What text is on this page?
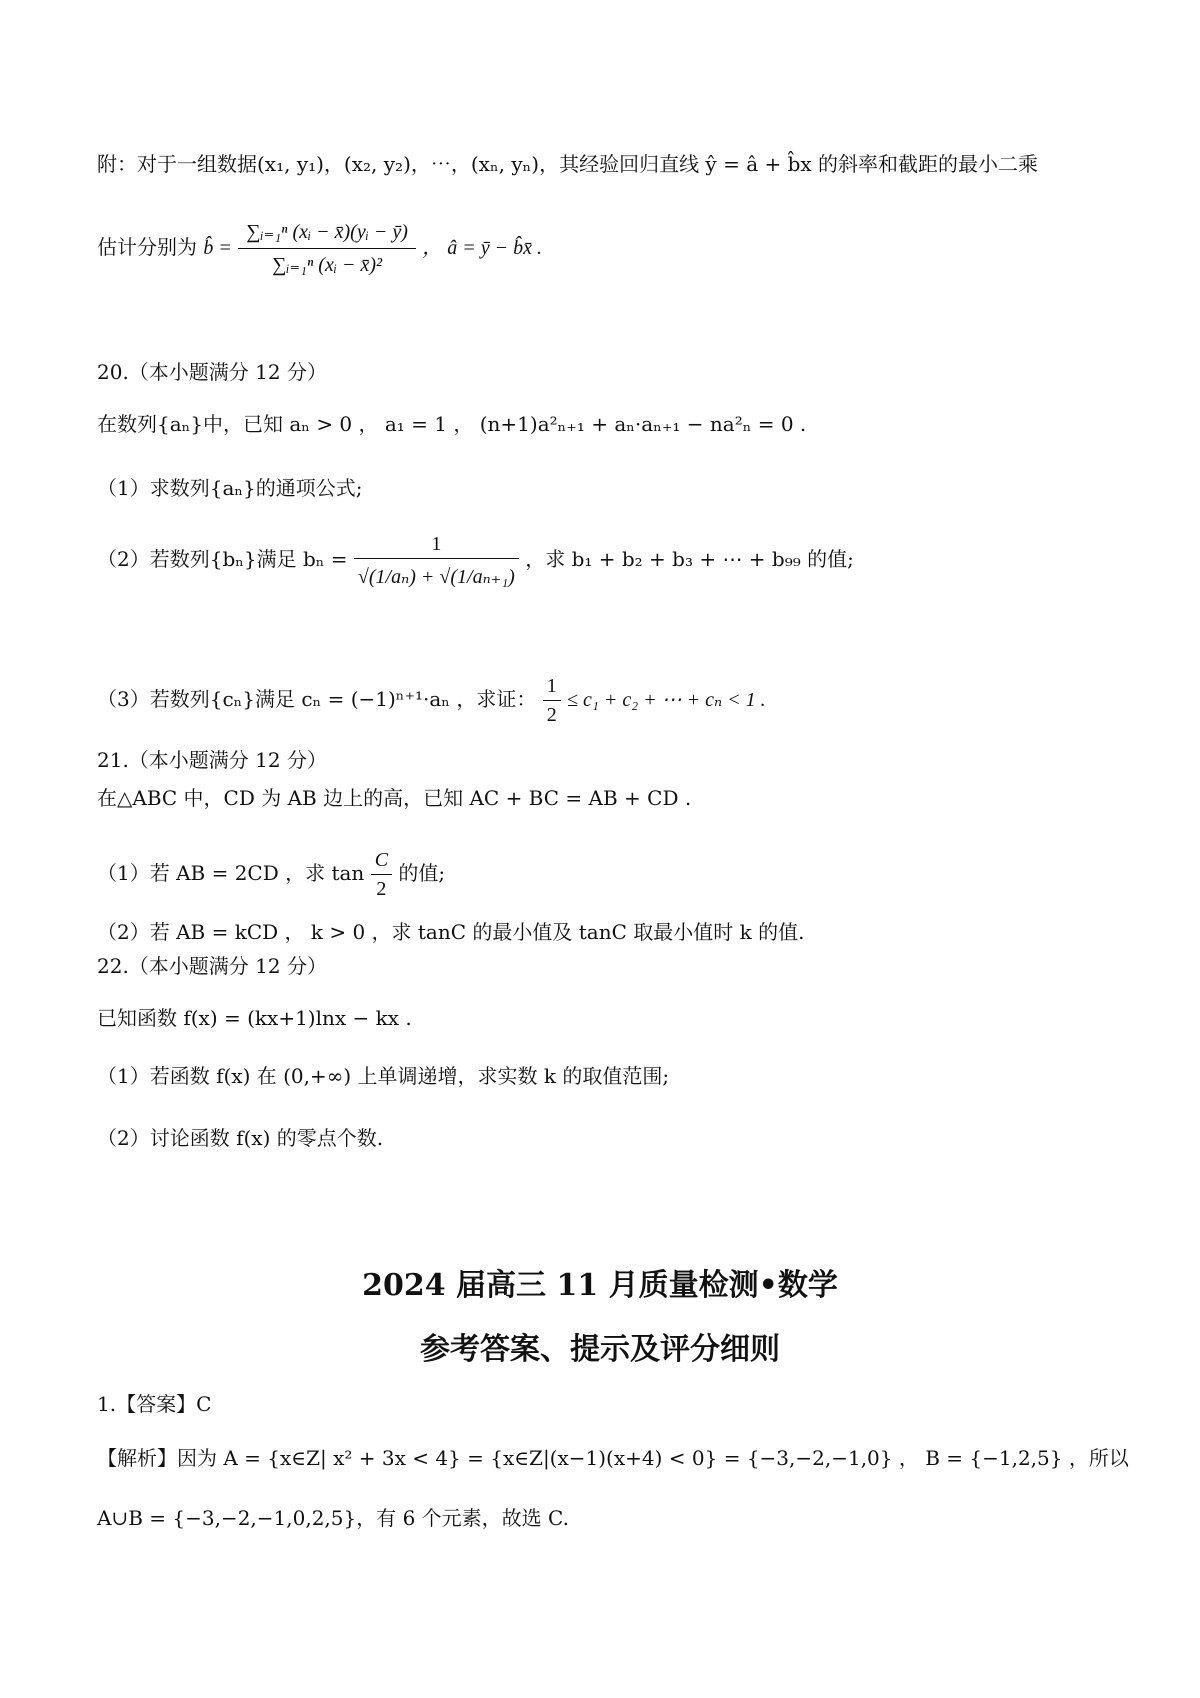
附：对于一组数据(x₁, y₁)，(x₂, y₂)，⋯，(xₙ, yₙ)，其经验回归直线 ŷ = â + b̂x 的斜率和截距的最小二乘
估计分别为 b̂ = $\frac{\text{∑ᵢ₌₁ⁿ (xᵢ − x̄)(yᵢ − ȳ)}}{\text{∑ᵢ₌₁ⁿ (xᵢ − x̄)²}}$ ， â = ȳ − b̂x̄ .
20.（本小题满分 12 分）
在数列{aₙ}中，已知 aₙ > 0 ， a₁ = 1 ， (n+1)a²ₙ₊₁ + aₙ·aₙ₊₁ − na²ₙ = 0 .
（1）求数列{aₙ}的通项公式;
（2）若数列{bₙ}满足 $b_n = \frac{1}{\text{√(1/aₙ) + √(1/aₙ₊₁)}}$ ，求 b₁ + b₂ + b₃ + ⋯ + b₉₉ 的值;
（3）若数列{cₙ}满足 cₙ = (−1)ⁿ⁺¹·aₙ ，求证： $\frac{1}{2} \le c_1 + c_2$ + ⋯ + cₙ < 1 .
21.（本小题满分 12 分）
在△ABC 中，CD 为 AB 边上的高，已知 AC + BC = AB + CD .
（1）若 AB = 2CD ，求 $\tan \frac{C}{2}$ 的值;
（2）若 AB = kCD ， k > 0 ，求 tanC 的最小值及 tanC 取最小值时 k 的值.
22.（本小题满分 12 分）
已知函数 f(x) = (kx+1)lnx − kx .
（1）若函数 f(x) 在 (0,+∞) 上单调递增，求实数 k 的取值范围;
（2）讨论函数 f(x) 的零点个数.
2024 届高三 11 月质量检测•数学
参考答案、提示及评分细则
1.【答案】C
【解析】因为 A = {x∈Z| x² + 3x < 4} = {x∈Z|(x−1)(x+4) < 0} = {−3,−2,−1,0} ， B = {−1,2,5} ，所以
A∪B = {−3,−2,−1,0,2,5}，有 6 个元素，故选 C.
